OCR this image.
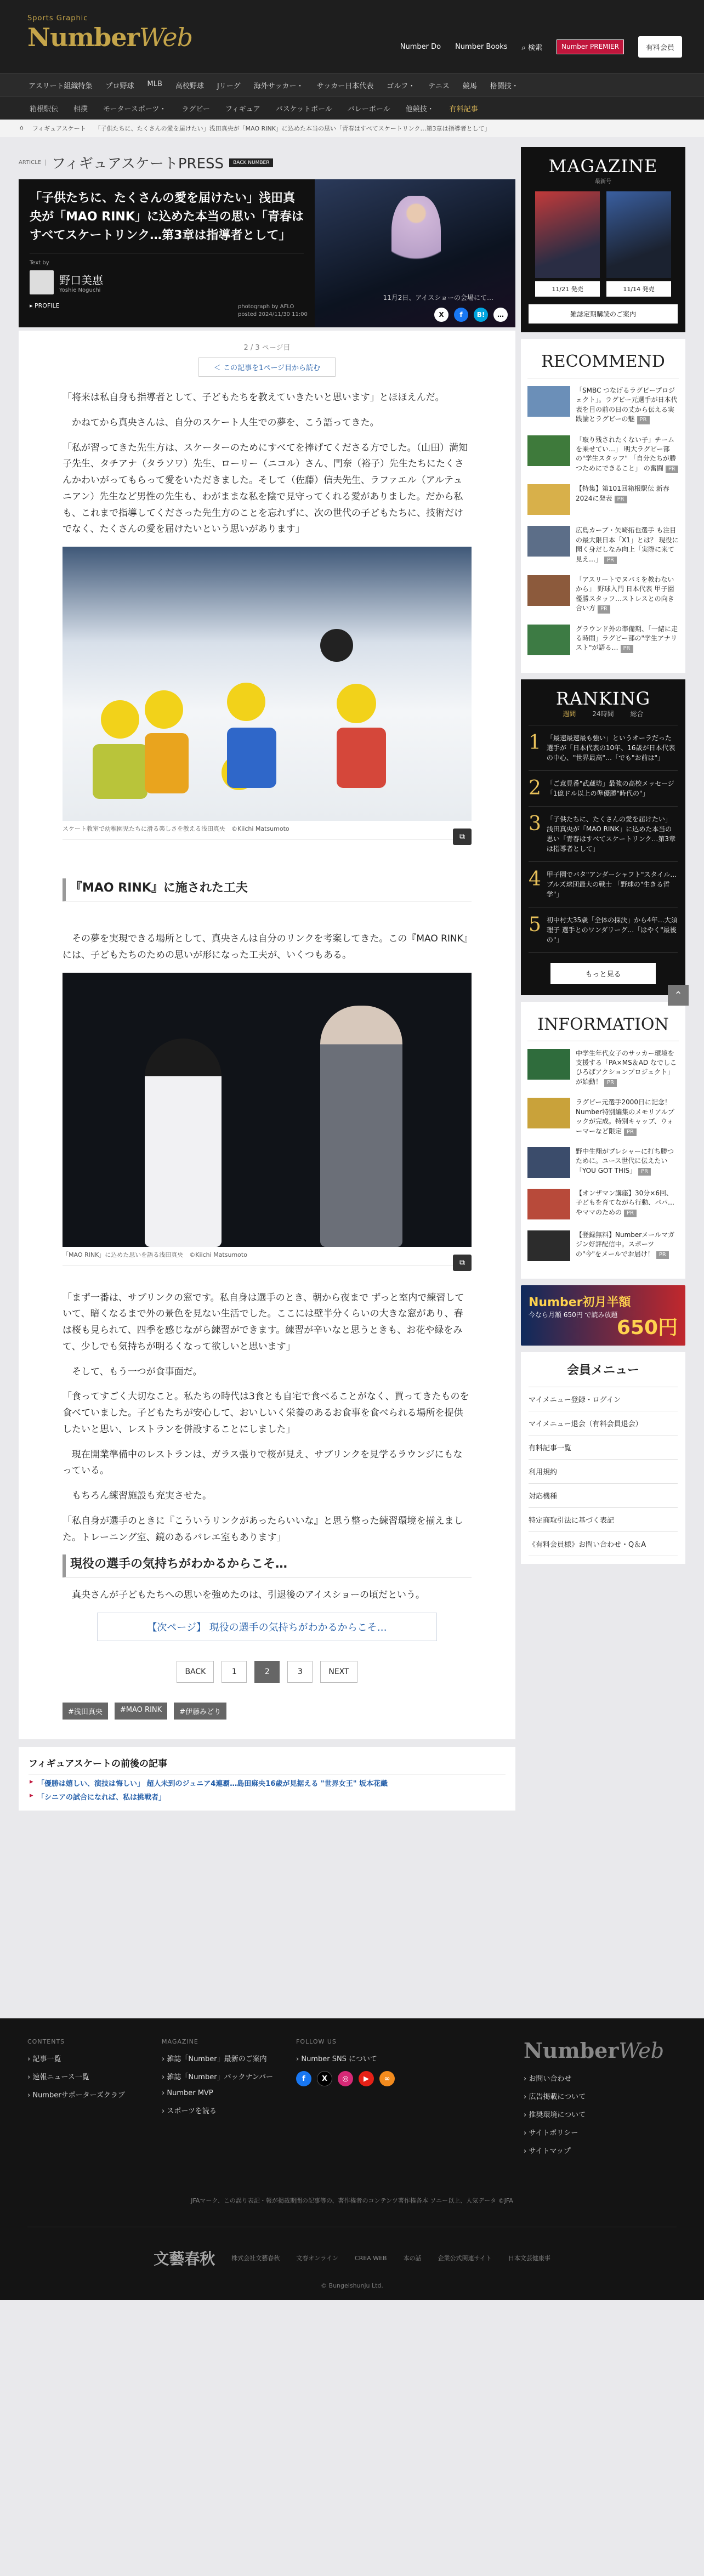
Sports Graphic
NumberWeb	Number Do Number Books ⌕ 検索	Number PREMIER	有料会員
アスリート組織特集	プロ野球	MLB	高校野球	Jリーグ	海外サッカー・	サッカー日本代表	ゴルフ・	テニス	競馬	格闘技・
箱根駅伝	相撲	モータースポーツ・	ラグビー	フィギュア	バスケットボール	バレーボール	他競技・	有料記事
⌂ フィギュアスケート 「子供たちに、たくさんの愛を届けたい」浅田真央が「MAO RINK」に込めた本当の思い「青春はすべてスケートリンク…第3章は指導者として」
ARTICLE フィギュアスケートPRESS	BACK NUMBER
「子供たちに、たくさんの愛を届けたい」浅田真央が「MAO RINK」に込めた本当の思い「青春はすべてスケートリンク…第3章は指導者として」
Text by
野口美惠
Yoshie Noguchi
▸ PROFILE
11月2日、アイスショーの会場にて…
photograph by AFLO
posted 2024/11/30 11:00	X	f	B!	…
2 / 3 ページ目
＜ この記事を1ページ目から読む

「将来は私自身も指導者として、子どもたちを教えていきたいと思います」とほほえんだ。

かねてから真央さんは、自分のスケート人生での夢を、こう語ってきた。

「私が習ってきた先生方は、スケーターのためにすべてを捧げてくださる方でした。（山田）満知子先生、タチアナ（タラソワ）先生、ローリー（ニコル）さん、門奈（裕子）先生たちにたくさんかわいがってもらって愛をいただきました。そして（佐藤）信夫先生、ラファエル（アルテュニアン）先生など男性の先生も、わがままな私を陰で見守ってくれる愛がありました。だから私も、これまで指導してくださった先生方のことを忘れずに、次の世代の子どもたちに、技術だけでなく、たくさんの愛を届けたいという思いがあります」

⧉
スケート教室で幼稚園児たちに滑る楽しさを教える浅田真央　©Kiichi Matsumoto
『MAO RINK』に施された工夫

その夢を実現できる場所として、真央さんは自分のリンクを考案してきた。この『MAO RINK』には、子どもたちのための思いが形になった工夫が、いくつもある。

⧉
「MAO RINK」に込めた思いを語る浅田真央　©Kiichi Matsumoto

「まず一番は、サブリンクの窓です。私自身は選手のとき、朝から夜まで ずっと室内で練習していて、暗くなるまで外の景色を見ない生活でした。ここには壁半分くらいの大きな窓があり、春は桜も見られて、四季を感じながら練習ができます。練習が辛いなと思うときも、お花や緑をみて、少しでも気持ちが明るくなって欲しいと思います」

そして、もう一つが食事面だ。

「食ってすごく大切なこと。私たちの時代は3食とも自宅で食べることがなく、買ってきたものを食べていました。子どもたちが安心して、おいしいく栄養のあるお食事を食べられる場所を提供したいと思い、レストランを併設することにしました」

現在開業準備中のレストランは、ガラス張りで桜が見え、サブリンクを見学るラウンジにもなっている。

もちろん練習施設も充実させた。

「私自身が選手のときに『こういうリンクがあったらいいな』と思う整った練習環境を揃えました。トレーニング室、鏡のあるバレエ室もあります」

現役の選手の気持ちがわかるからこそ…

真央さんが子どもたちへの思いを強めたのは、引退後のアイスショーの頃だという。

【次ページ】 現役の選手の気持ちがわかるからこそ…
BACK	1	2	3	NEXT
#浅田真央	#MAO RINK	#伊藤みどり
フィギュアスケートの前後の記事
▸ 「優勝は嬉しい、演技は悔しい」 超人未到のジュニア4連覇…島田麻央16歳が見据える "世界女王" 坂本花織
▸ 「シニアの試合になれば、私は挑戦者」
MAGAZINE
最新号
11/21 発売	11/14 発売
雑誌定期購読のご案内
RECOMMEND
「SMBC つなげるラグビープロジェクト」。ラグビー元選手が日本代表を目の前の日の丈から伝える実践論とラグビーの魅 PR
「取り残されたくない子」チームを乗せてい…」 明大ラグビー部の"学生スタッフ" 「自分たちが勝つためにできること」 の奮闘 PR
【特集】第101回箱根駅伝 新春2024に発表 PR
広島カープ・矢崎拓也選手 も注目の最大限日本「X1」とは？ 現役に聞く身だしなみ向上「実際に来て見え…」 PR
「アスリートでヌバミを教わないから」 野球入門 日本代表 甲子園優勝スタッフ…ストレスとの向き合い方 PR
グラウンド外の準備期、「一緒に走る時間」ラグビー部の"学生アナリスト"が語る… PR
RANKING
週間	24時間	総合
1 「最速最速最も強い」というオーラだった選手が「日本代表の10年、16歳が日本代表の中心、"世界最高"…「でも"お前は"」
2 「ご意見番"武蔵坊」最強の高校メッセージ「1億ドル以上の準優勝"時代の"」
3 「子供たちに、たくさんの愛を届けたい」浅田真央が「MAO RINK」に込めた本当の思い「青春はすべてスケートリンク…第3章は指導者として」
4 甲子園でバタ"アンダーシャフト"スタイル…ブルズ球団最大の戦士 「野球の"生きる哲学"」
5 初中村大35歳「全体の採決」から4年…大須理子 選手とのワンダリーグ…「はやく"最後の"」
もっと見る
INFORMATION
中学生年代女子のサッカー環境を支援する「PA×MS＆AD なでしこひろばアクションプロジェクト」が始動！ PR
ラグビー元選手2000日に記念！Number特別編集のメモリアルブックが完成。特別キャップ、ウォーマーなど限定 PR
野中生翔がプレシャーに打ち勝つために。ユース世代に伝えたい「YOU GOT THIS」 PR
【オンザマン講座】30分×6回、子どもを育てながら行動、パパ…やママのための PR
【登録無料】Numberメールマガジン好評配信中。スポーツの"今"をメールでお届け！ PR
Number初月半額
今なら月額 650円 で読み放題
650円
会員メニュー
マイメニュー登録・ログイン
マイメニュー退会（有料会員退会）
有料記事一覧
利用規約
対応機種
特定商取引法に基づく表記
《有料会員様》お問い合わせ・Q＆A
⌃
CONTENTS
› 記事一覧
› 速報ニュース一覧
› Numberサポーターズクラブ
MAGAZINE
› 雑誌「Number」最新のご案内
› 雑誌「Number」バックナンバー
› Number MVP
› スポーツを読る
FOLLOW US
› Number SNS について
f	X	◎	▶	∞
NumberWeb
› お問い合わせ
› 広告掲載について
› 推奨環境について
› サイトポリシー
› サイトマップ
JFAマーク、この誤り表記・報が掲載期間の記事等の、著作権者のコンテンツ著作権各本 ソニー以上、人気データ ©JFA
文藝春秋	株式会社文藝春秋	文春オンライン	CREA WEB	本の話	企業公式関連サイト	日本文芸健康事
© Bungeishunju Ltd.
